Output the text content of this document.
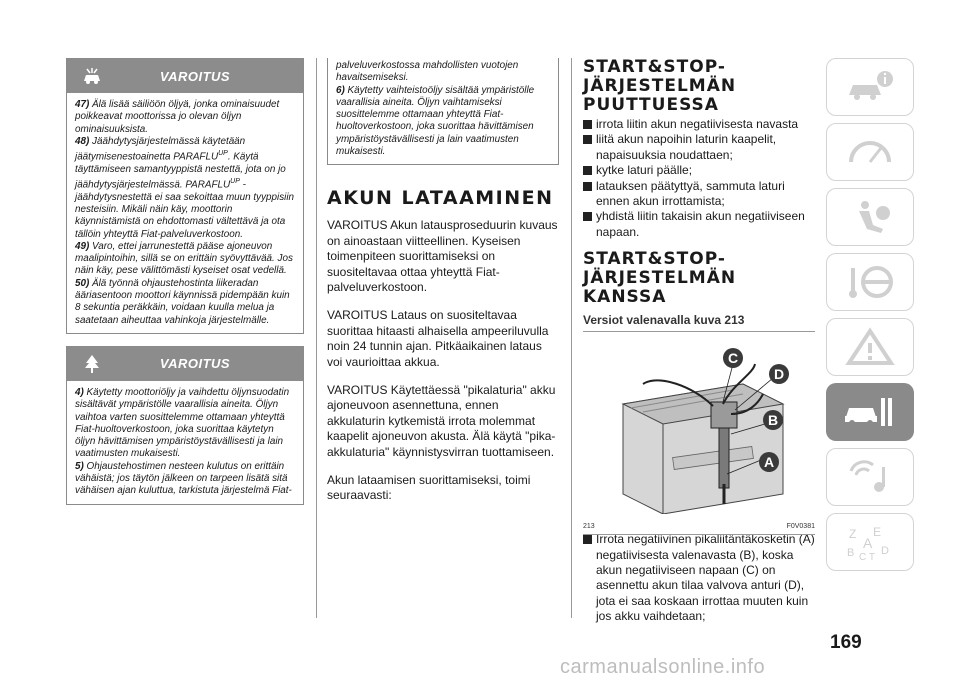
VAROITUS

47) Älä lisää säiliöön öljyä, jonka ominaisuudet poikkeavat moottorissa jo olevan öljyn ominaisuuksista.

48) Jäähdytysjärjestelmässä käytetään jäätymisenestoainetta $PARAFLU^{UP}$. Käytä täyttämiseen samantyyppistä nestettä, jota on jo jäähdytysjärjestelmässä. $PARAFLU^{UP}$ -jäähdytysnestettä ei saa sekoittaa muun tyyppisiin nesteisiin. Mikäli näin käy, moottorin käynnistämistä on ehdottomasti vältettävä ja ota tällöin yhteyttä Fiat-palveluverkostoon.

49) Varo, ettei jarrunestettä pääse ajoneuvon maalipintoihin, sillä se on erittäin syövyttävää. Jos näin käy, pese välittömästi kyseiset osat vedellä.

50) Älä työnnä ohjaustehostinta liikeradan ääriasentoon moottori käynnissä pidempään kuin 8 sekuntia peräkkäin, voidaan kuulla melua ja saatetaan aiheuttaa vahinkoja järjestelmälle.

VAROITUS

4) Käytetty moottoriöljy ja vaihdettu öljynsuodatin sisältävät ympäristölle vaarallisia aineita. Öljyn vaihtoa varten suosittelemme ottamaan yhteyttä Fiat-huoltoverkostoon, joka suorittaa käytetyn öljyn hävittämisen ympäristöystävällisesti ja lain vaatimusten mukaisesti.

5) Ohjaustehostimen nesteen kulutus on erittäin vähäistä; jos täytön jälkeen on tarpeen lisätä sitä vähäisen ajan kuluttua, tarkistuta järjestelmä Fiat-

palveluverkostossa mahdollisten vuotojen havaitsemiseksi.

6) Käytetty vaihteistoöljy sisältää ympäristölle vaarallisia aineita. Öljyn vaihtamiseksi suosittelemme ottamaan yhteyttä Fiat-huoltoverkostoon, joka suorittaa hävittämisen ympäristöystävällisesti ja lain vaatimusten mukaisesti.

AKUN LATAAMINEN

VAROITUS Akun latausproseduurin kuvaus on ainoastaan viitteellinen. Kyseisen toimenpiteen suorittamiseksi on suositeltavaa ottaa yhteyttä Fiat-palveluverkostoon.

VAROITUS Lataus on suositeltavaa suorittaa hitaasti alhaisella ampeeriluvulla noin 24 tunnin ajan. Pitkäaikainen lataus voi vaurioittaa akkua.

VAROITUS Käytettäessä "pikalaturia" akku ajoneuvoon asennettuna, ennen akkulaturin kytkemistä irrota molemmat kaapelit ajoneuvon akusta. Älä käytä "pika-akkulaturia" käynnistysvirran tuottamiseen.

Akun lataamisen suorittamiseksi, toimi seuraavasti:

START&STOP-JÄRJESTELMÄN PUUTTUESSA
irrota liitin akun negatiivisesta navasta
liitä akun napoihin laturin kaapelit, napaisuuksia noudattaen;
kytke laturi päälle;
latauksen päätyttyä, sammuta laturi ennen akun irrottamista;
yhdistä liitin takaisin akun negatiiviseen napaan.
START&STOP-JÄRJESTELMÄN KANSSA
Versiot valenavalla kuva 213
C
D
B
A
213	F0V0381
Irrota negatiivinen pikaliitäntäkosketin (A) negatiivisesta valenavasta (B), koska akun negatiiviseen napaan (C) on asennettu akun tilaa valvova anturi (D), jota ei saa koskaan irrottaa muuten kuin jos akku vaihdetaan;
Z E
A
B D
C T
169
carmanualsonline.info
